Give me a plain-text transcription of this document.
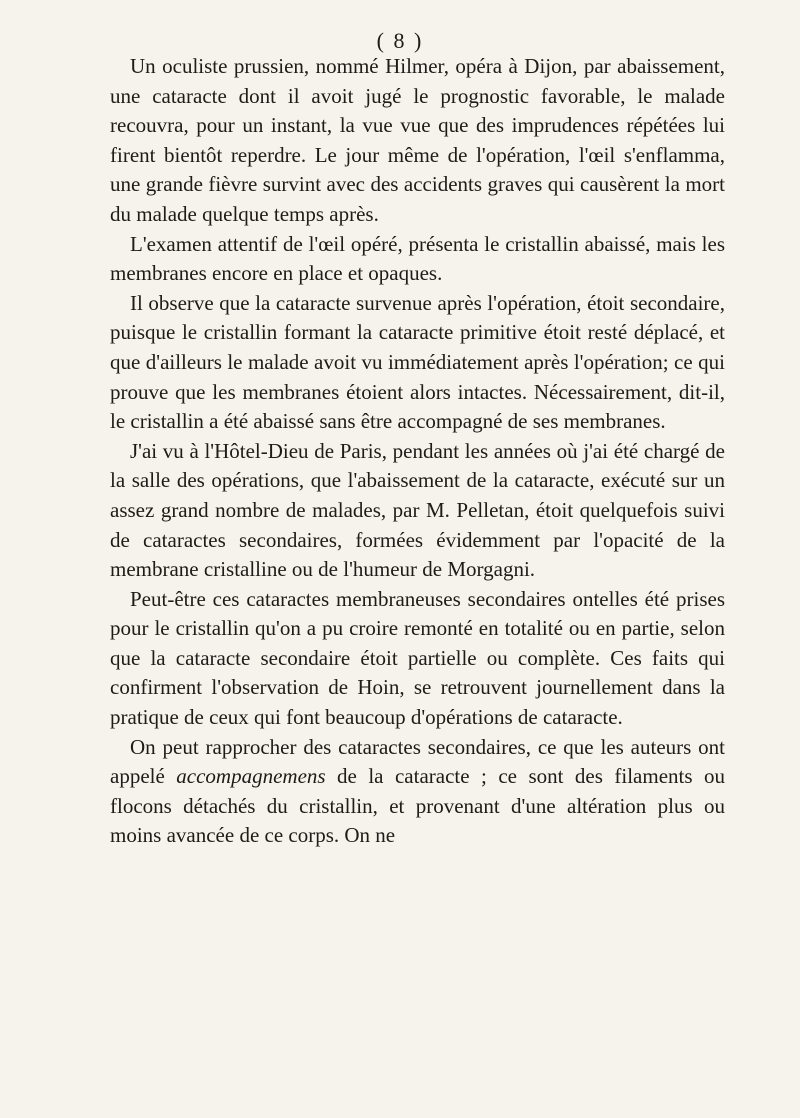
( 8 )

Un oculiste prussien, nommé Hilmer, opéra à Dijon, par abaissement, une cataracte dont il avoit jugé le prognostic favorable, le malade recouvra, pour un instant, la vue vue que des imprudences répétées lui firent bientôt reperdre. Le jour même de l'opération, l'œil s'enflamma, une grande fièvre survint avec des accidents graves qui causèrent la mort du malade quelque temps après.

L'examen attentif de l'œil opéré, présenta le cristallin abaissé, mais les membranes encore en place et opaques.

Il observe que la cataracte survenue après l'opération, étoit secondaire, puisque le cristallin formant la cataracte primitive étoit resté déplacé, et que d'ailleurs le malade avoit vu immédiatement après l'opération; ce qui prouve que les membranes étoient alors intactes. Nécessairement, dit-il, le cristallin a été abaissé sans être accompagné de ses membranes.

J'ai vu à l'Hôtel-Dieu de Paris, pendant les années où j'ai été chargé de la salle des opérations, que l'abaissement de la cataracte, exécuté sur un assez grand nombre de malades, par M. Pelletan, étoit quelquefois suivi de cataractes secondaires, formées évidemment par l'opacité de la membrane cristalline ou de l'humeur de Morgagni.

Peut-être ces cataractes membraneuses secondaires ontelles été prises pour le cristallin qu'on a pu croire remonté en totalité ou en partie, selon que la cataracte secondaire étoit partielle ou complète. Ces faits qui confirment l'observation de Hoin, se retrouvent journellement dans la pratique de ceux qui font beaucoup d'opérations de cataracte.

On peut rapprocher des cataractes secondaires, ce que les auteurs ont appelé accompagnemens de la cataracte ; ce sont des filaments ou flocons détachés du cristallin, et provenant d'une altération plus ou moins avancée de ce corps. On ne
